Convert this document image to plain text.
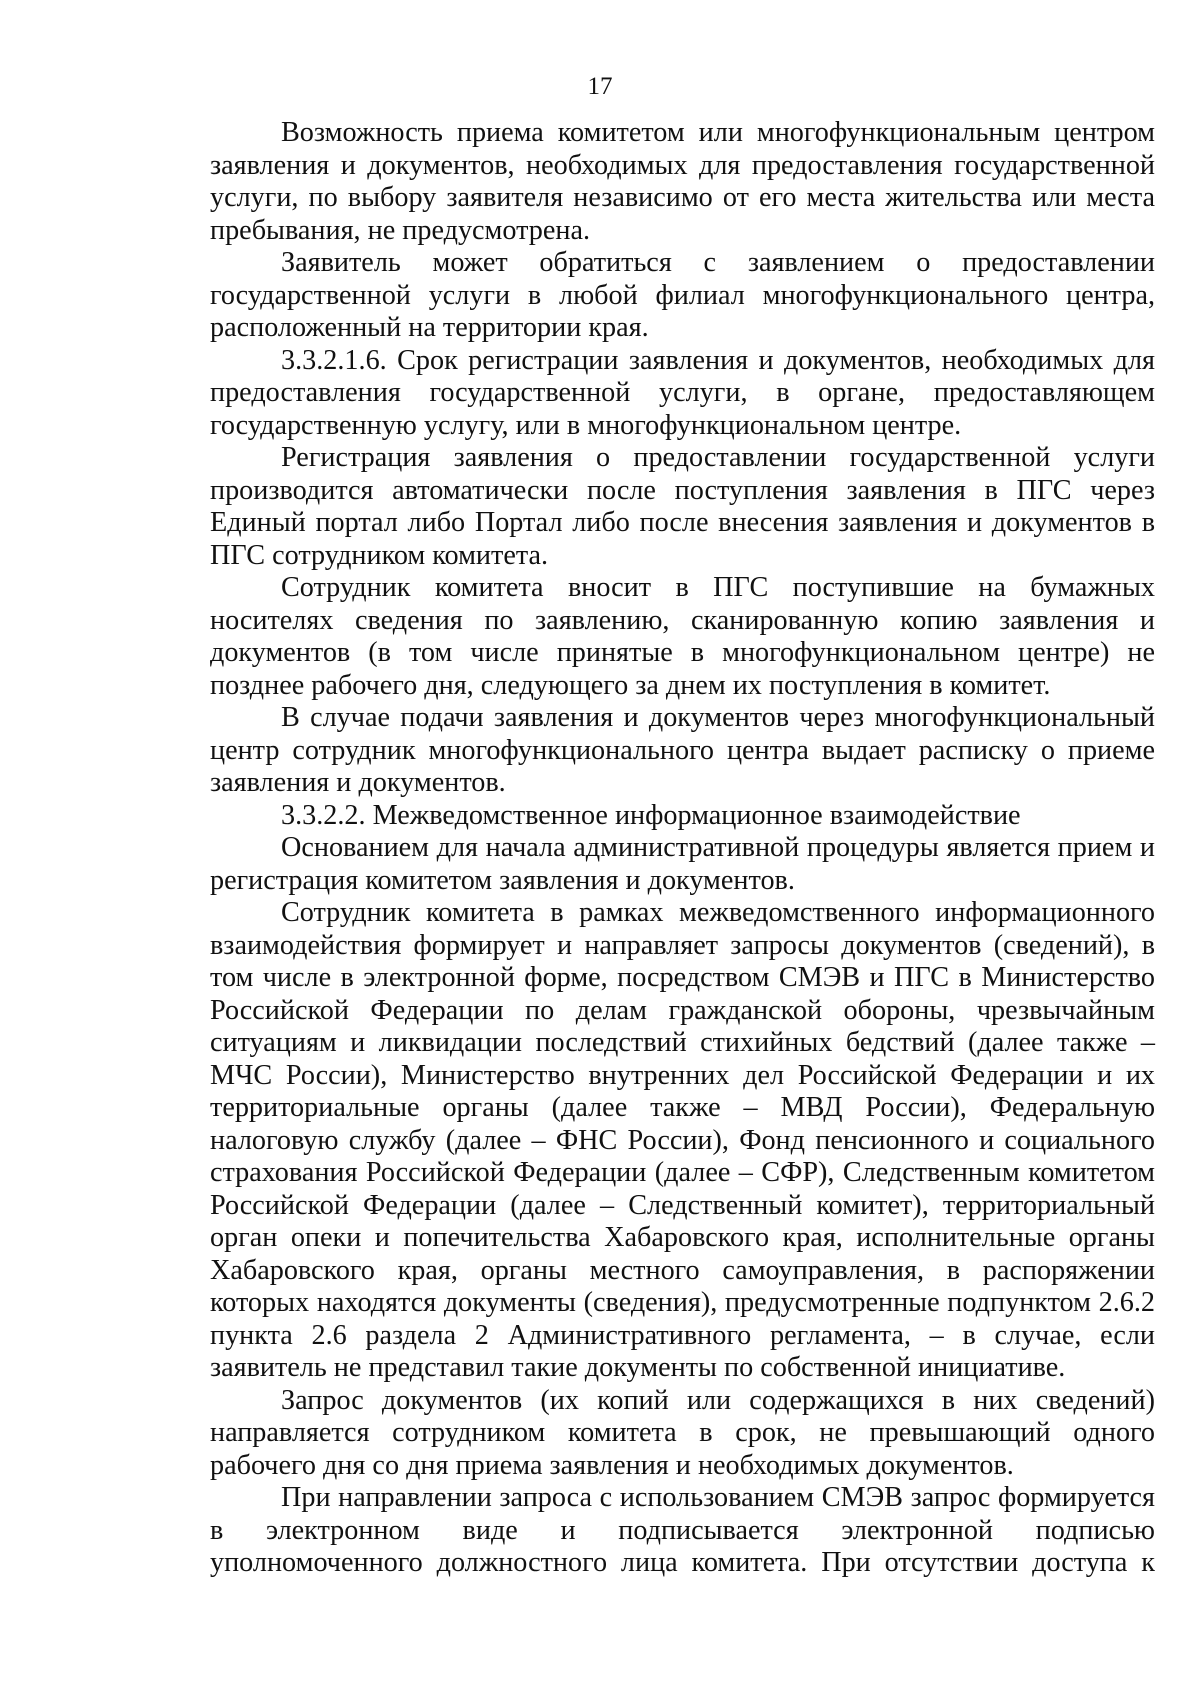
17

Возможность приема комитетом или многофункциональным центром заявления и документов, необходимых для предоставления государственной услуги, по выбору заявителя независимо от его места жительства или места пребывания, не предусмотрена.

Заявитель может обратиться с заявлением о предоставлении государственной услуги в любой филиал многофункционального центра, расположенный на территории края.

3.3.2.1.6. Срок регистрации заявления и документов, необходимых для предоставления государственной услуги, в органе, предоставляющем государственную услугу, или в многофункциональном центре.

Регистрация заявления о предоставлении государственной услуги производится автоматически после поступления заявления в ПГС через Единый портал либо Портал либо после внесения заявления и документов в ПГС сотрудником комитета.

Сотрудник комитета вносит в ПГС поступившие на бумажных носителях сведения по заявлению, сканированную копию заявления и документов (в том числе принятые в многофункциональном центре) не позднее рабочего дня, следующего за днем их поступления в комитет.

В случае подачи заявления и документов через многофункциональный центр сотрудник многофункционального центра выдает расписку о приеме заявления и документов.

3.3.2.2. Межведомственное информационное взаимодействие

Основанием для начала административной процедуры является прием и регистрация комитетом заявления и документов.

Сотрудник комитета в рамках межведомственного информационного взаимодействия формирует и направляет запросы документов (сведений), в том числе в электронной форме, посредством СМЭВ и ПГС в Министерство Российской Федерации по делам гражданской обороны, чрезвычайным ситуациям и ликвидации последствий стихийных бедствий (далее также – МЧС России), Министерство внутренних дел Российской Федерации и их территориальные органы (далее также – МВД России), Федеральную налоговую службу (далее – ФНС России), Фонд пенсионного и социального страхования Российской Федерации (далее – СФР), Следственным комитетом Российской Федерации (далее – Следственный комитет), территориальный орган опеки и попечительства Хабаровского края, исполнительные органы Хабаровского края, органы местного самоуправления, в распоряжении которых находятся документы (сведения), предусмотренные подпунктом 2.6.2 пункта 2.6 раздела 2 Административного регламента, – в случае, если заявитель не представил такие документы по собственной инициативе.

Запрос документов (их копий или содержащихся в них сведений) направляется сотрудником комитета в срок, не превышающий одного рабочего дня со дня приема заявления и необходимых документов.

При направлении запроса с использованием СМЭВ запрос формируется в электронном виде и подписывается электронной подписью уполномоченного должностного лица комитета. При отсутствии доступа к
